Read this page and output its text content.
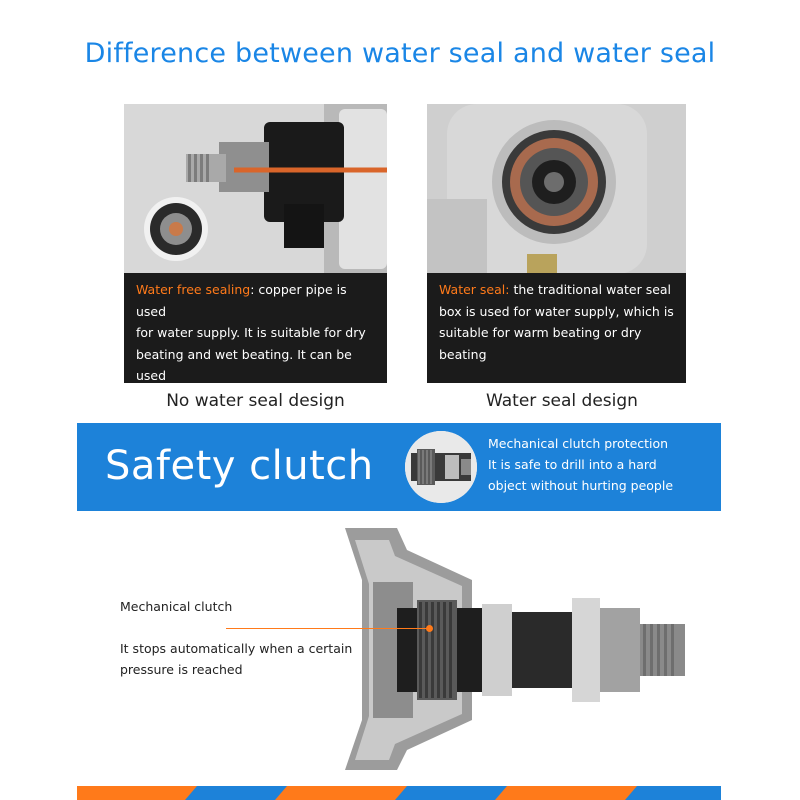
Difference between water seal and water seal
Water free sealing: copper pipe is used
for water supply. It is suitable for dry
beating and wet beating. It can be used
No water seal design
Water seal: the traditional water seal
box is used for water supply, which is
suitable for warm beating or dry
beating
Water seal design
Safety clutch	Mechanical clutch protection
It is safe to drill into a hard
object without hurting people
Mechanical clutch
It stops automatically when a certain pressure is reached
